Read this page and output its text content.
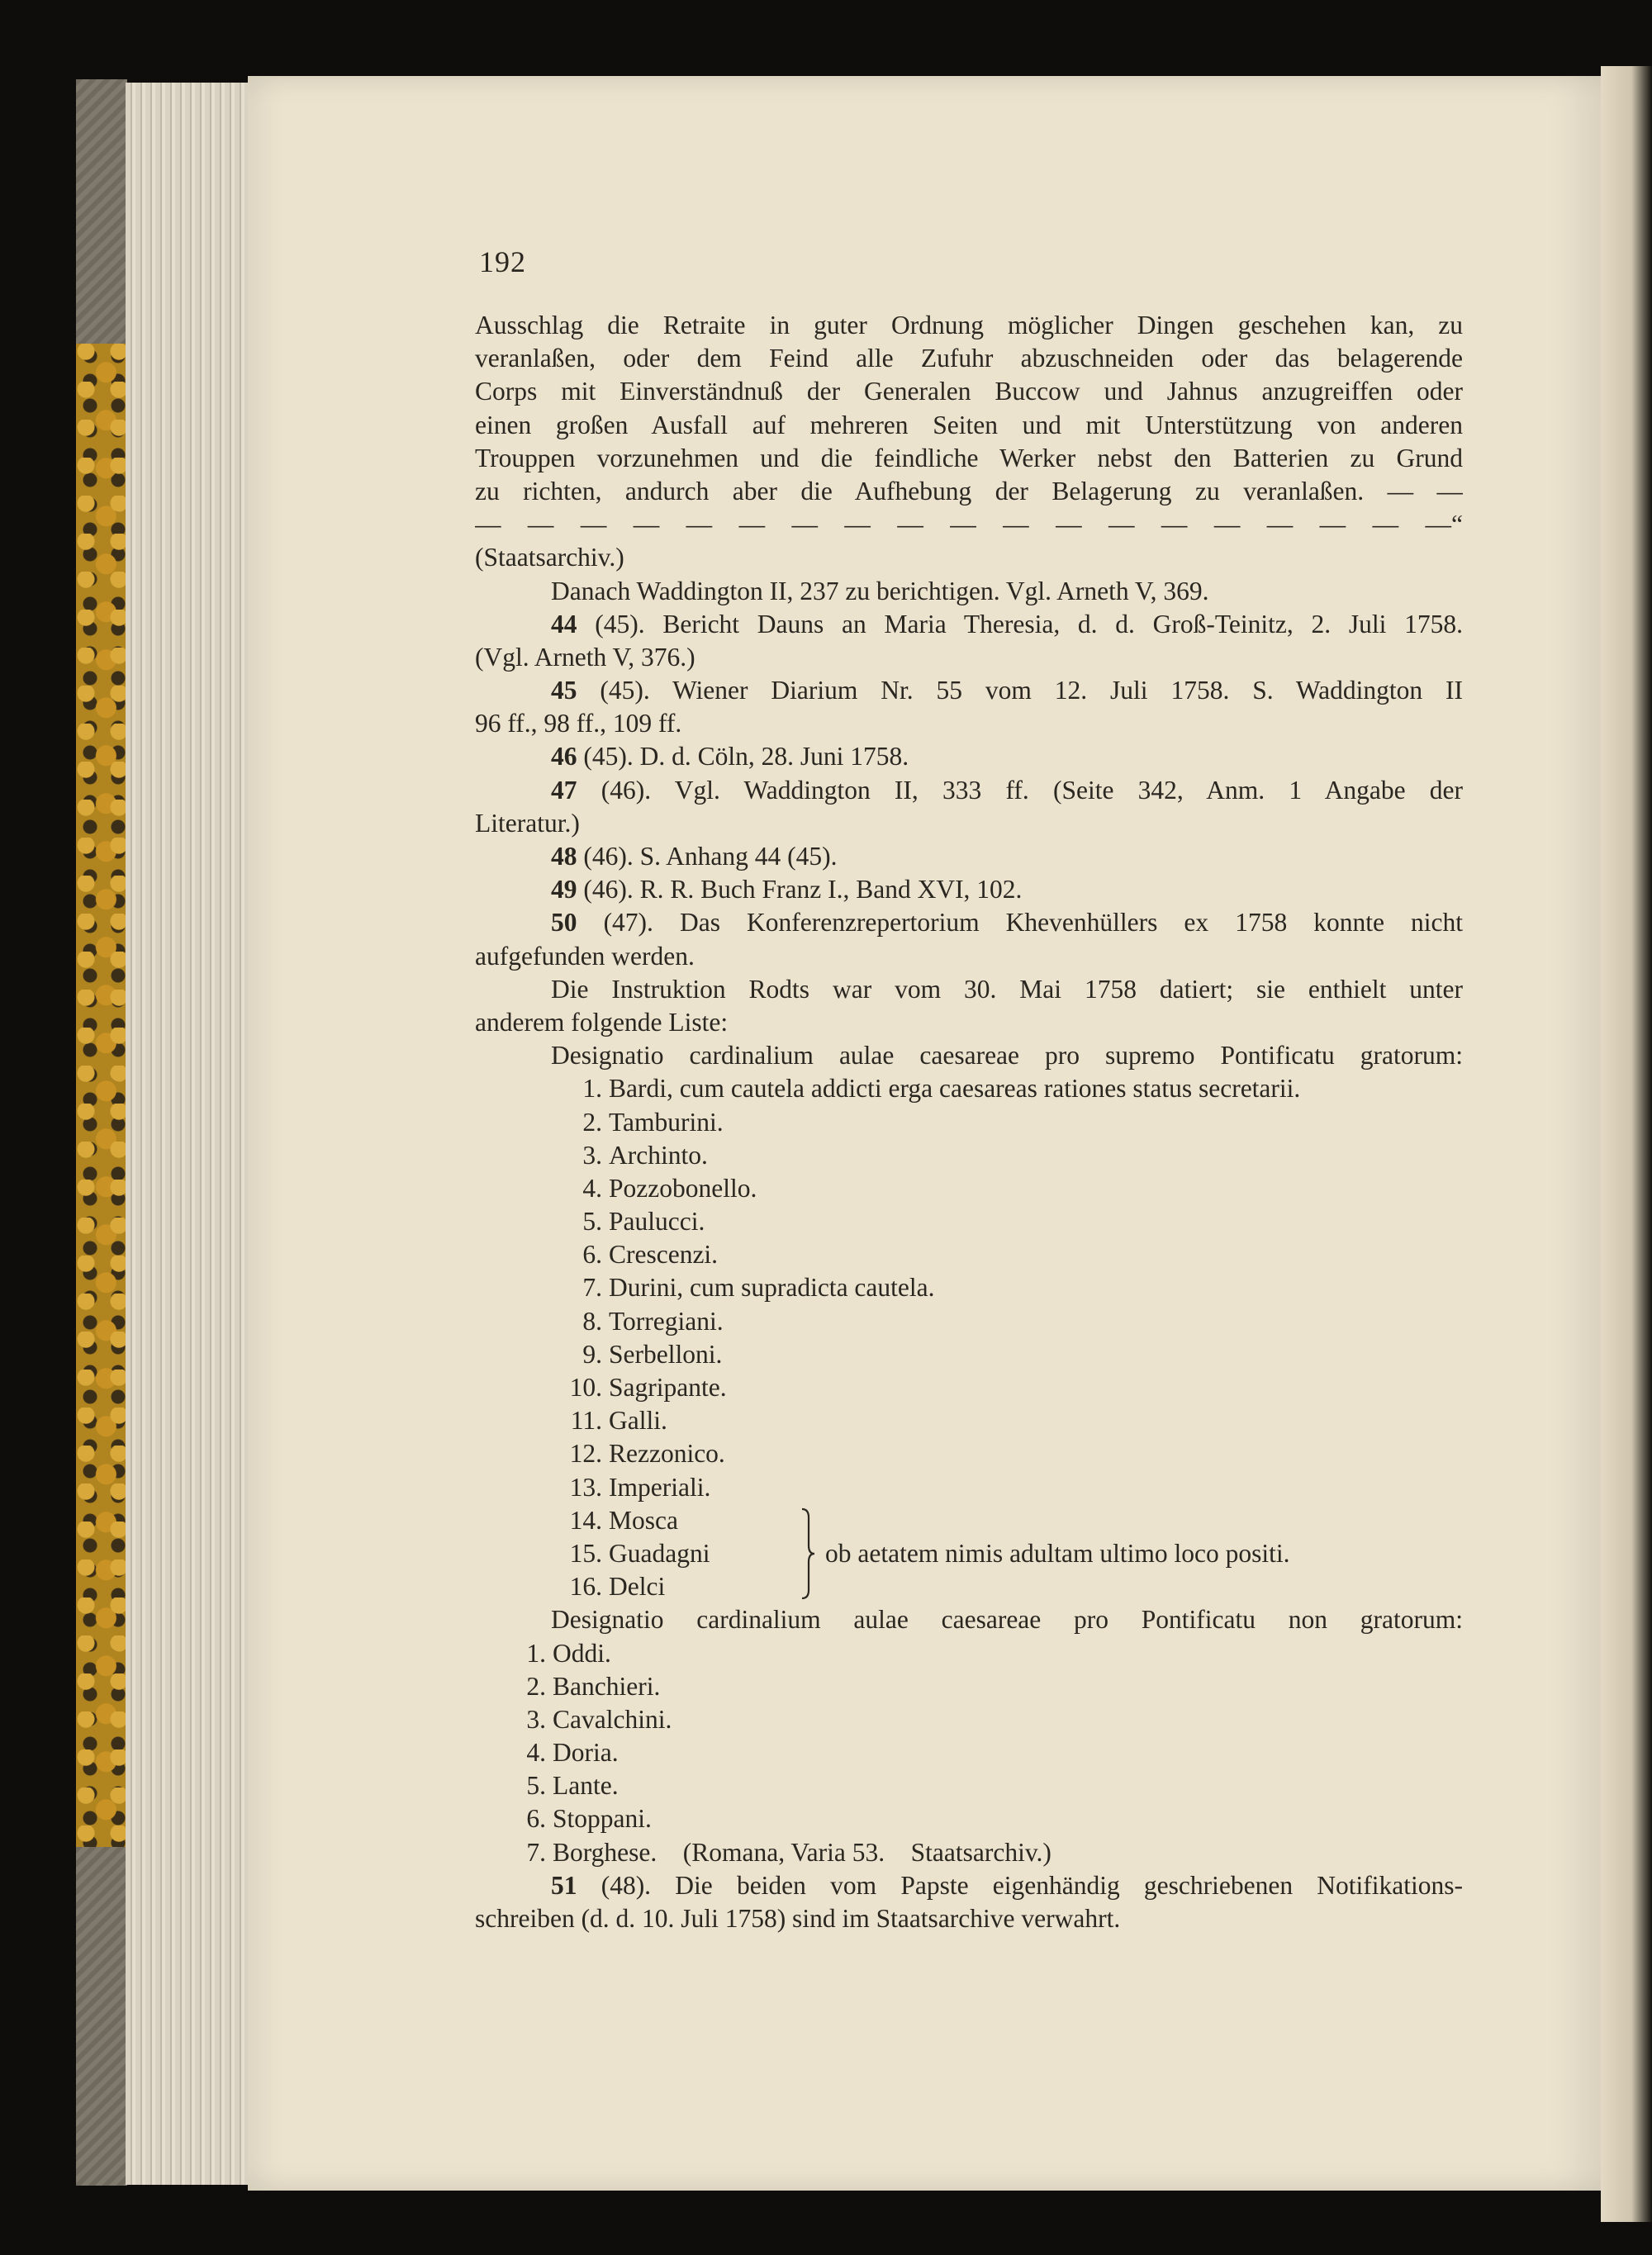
192
Ausschlag die Retraite in guter Ordnung möglicher Dingen geschehen kan, zu
veranlaßen, oder dem Feind alle Zufuhr abzuschneiden oder das belagerende
Corps mit Einverständnuß der Generalen Buccow und Jahnus anzugreiffen oder
einen großen Ausfall auf mehreren Seiten und mit Unterstützung von anderen
Trouppen vorzunehmen und die feindliche Werker nebst den Batterien zu Grund
zu richten, andurch aber die Aufhebung der Belagerung zu veranlaßen. — —
— — — — — — — — — — — — — — — — — — —“
(Staatsarchiv.)
Danach Waddington II, 237 zu berichtigen. Vgl. Arneth V, 369.
44 (45). Bericht Dauns an Maria Theresia, d. d. Groß-Teinitz, 2. Juli 1758.
(Vgl. Arneth V, 376.)
45 (45). Wiener Diarium Nr. 55 vom 12. Juli 1758. S. Waddington II
96 ff., 98 ff., 109 ff.
46 (45). D. d. Cöln, 28. Juni 1758.
47 (46). Vgl. Waddington II, 333 ff. (Seite 342, Anm. 1 Angabe der
Literatur.)
48 (46). S. Anhang 44 (45).
49 (46). R. R. Buch Franz I., Band XVI, 102.
50 (47). Das Konferenzrepertorium Khevenhüllers ex 1758 konnte nicht
aufgefunden werden.
Die Instruktion Rodts war vom 30. Mai 1758 datiert; sie enthielt unter
anderem folgende Liste:
Designatio cardinalium aulae caesareae pro supremo Pontificatu gratorum:
1. Bardi, cum cautela addicti erga caesareas rationes status secretarii.
2. Tamburini.
3. Archinto.
4. Pozzobonello.
5. Paulucci.
6. Crescenzi.
7. Durini, cum supradicta cautela.
8. Torregiani.
9. Serbelloni.
10. Sagripante.
11. Galli.
12. Rezzonico.
13. Imperiali.
14. Mosca
15. Guadagni
16. Delci
ob aetatem nimis adultam ultimo loco positi.
Designatio cardinalium aulae caesareae pro Pontificatu non gratorum:
1. Oddi.
2. Banchieri.
3. Cavalchini.
4. Doria.
5. Lante.
6. Stoppani.
7. Borghese.    (Romana, Varia 53.    Staatsarchiv.)
51 (48). Die beiden vom Papste eigenhändig geschriebenen Notifikations-
schreiben (d. d. 10. Juli 1758) sind im Staatsarchive verwahrt.
